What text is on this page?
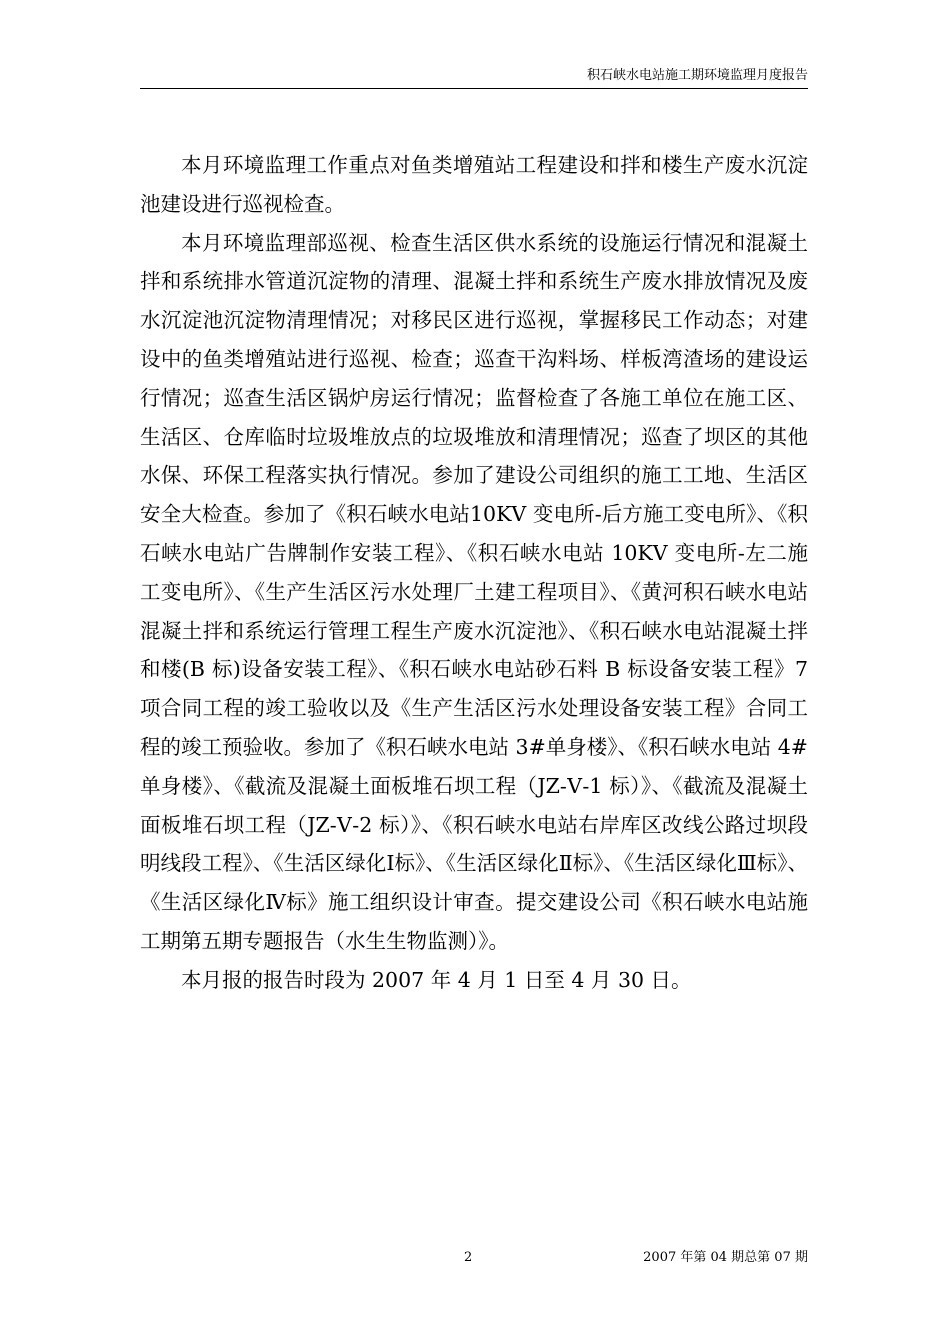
积石峡水电站施工期环境监理月度报告

本月环境监理工作重点对鱼类增殖站工程建设和拌和楼生产废水沉淀池建设进行巡视检查。

本月环境监理部巡视、检查生活区供水系统的设施运行情况和混凝土拌和系统排水管道沉淀物的清理、混凝土拌和系统生产废水排放情况及废水沉淀池沉淀物清理情况；对移民区进行巡视，掌握移民工作动态；对建设中的鱼类增殖站进行巡视、检查；巡查干沟料场、样板湾渣场的建设运行情况；巡查生活区锅炉房运行情况；监督检查了各施工单位在施工区、生活区、仓库临时垃圾堆放点的垃圾堆放和清理情况；巡查了坝区的其他水保、环保工程落实执行情况。参加了建设公司组织的施工工地、生活区安全大检查。参加了《积石峡水电站10KV 变电所-后方施工变电所》、《积石峡水电站广告牌制作安装工程》、《积石峡水电站 10KV 变电所-左二施工变电所》、《生产生活区污水处理厂土建工程项目》、《黄河积石峡水电站混凝土拌和系统运行管理工程生产废水沉淀池》、《积石峡水电站混凝土拌和楼(B 标)设备安装工程》、《积石峡水电站砂石料 B 标设备安装工程》7 项合同工程的竣工验收以及《生产生活区污水处理设备安装工程》合同工程的竣工预验收。参加了《积石峡水电站 3#单身楼》、《积石峡水电站 4#单身楼》、《截流及混凝土面板堆石坝工程（JZ-Ⅴ-1 标）》、《截流及混凝土面板堆石坝工程（JZ-Ⅴ-2 标）》、《积石峡水电站右岸库区改线公路过坝段明线段工程》、《生活区绿化Ⅰ标》、《生活区绿化Ⅱ标》、《生活区绿化Ⅲ标》、《生活区绿化Ⅳ标》施工组织设计审查。提交建设公司《积石峡水电站施工期第五期专题报告（水生生物监测）》。

本月报的报告时段为 2007 年 4 月 1 日至 4 月 30 日。

2	2007 年第 04 期总第 07 期
